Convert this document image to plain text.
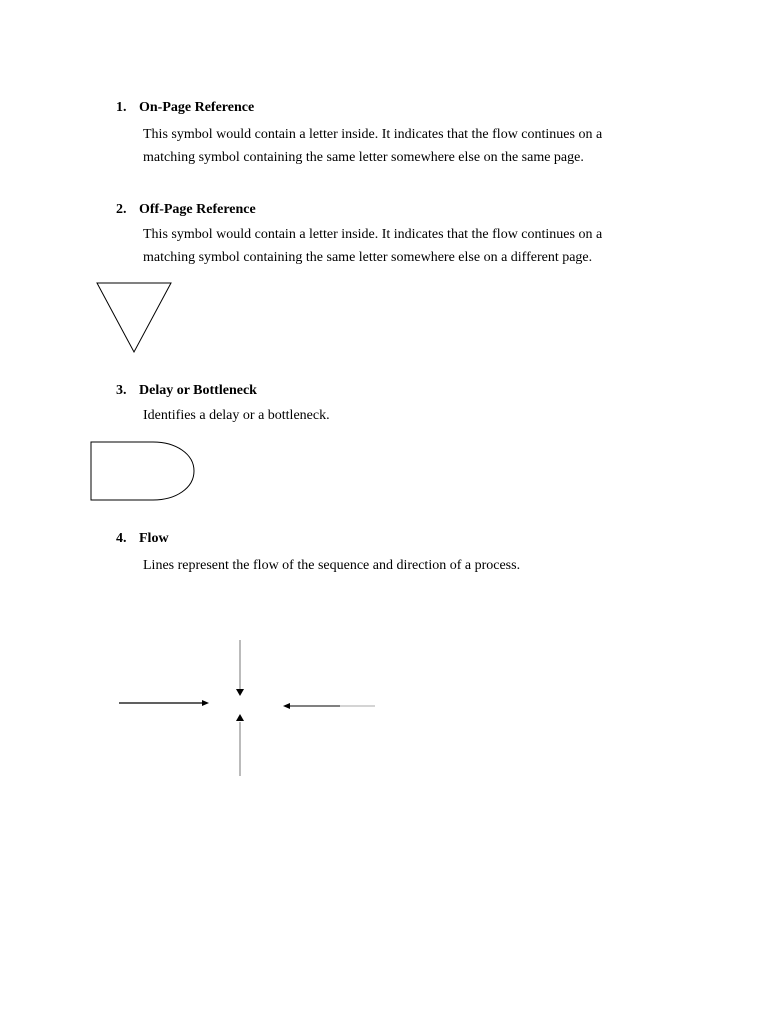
1. On-Page Reference
This symbol would contain a letter inside. It indicates that the flow continues on a
matching symbol containing the same letter somewhere else on the same page.
2. Off-Page Reference
This symbol would contain a letter inside. It indicates that the flow continues on a
matching symbol containing the same letter somewhere else on a different page.
3. Delay or Bottleneck
Identifies a delay or a bottleneck.
4. Flow
Lines represent the flow of the sequence and direction of a process.
